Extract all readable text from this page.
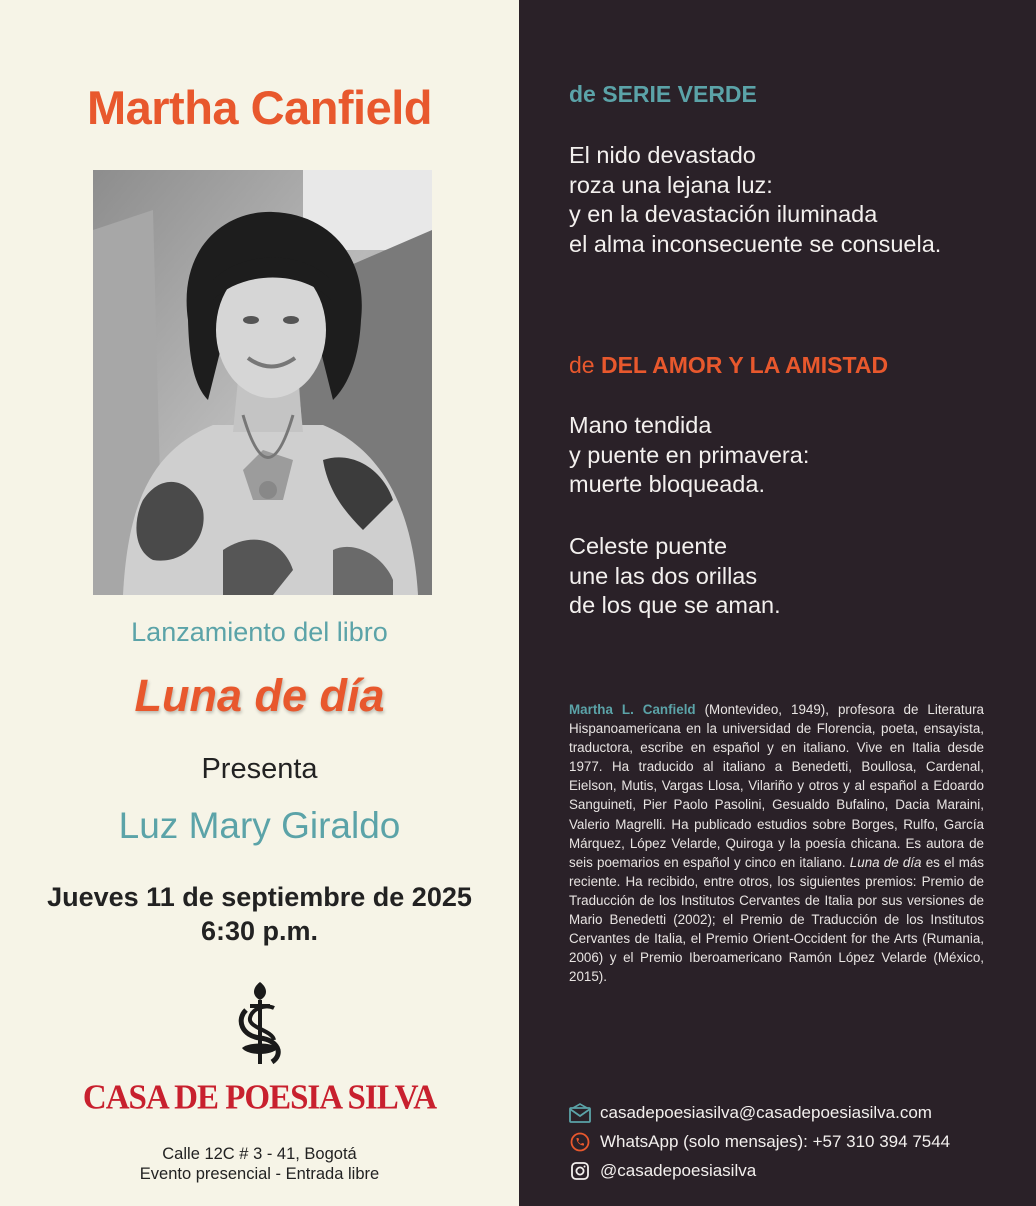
Martha Canfield
Lanzamiento del libro
Luna de día
Presenta
Luz Mary Giraldo
Jueves 11 de septiembre de 2025
6:30 p.m.
CASA DE POESIA SILVA
Calle 12C # 3 - 41, Bogotá
Evento presencial - Entrada libre
de SERIE VERDE
El nido devastado
roza una lejana luz:
y en la devastación iluminada
el alma inconsecuente se consuela.
de DEL AMOR Y LA AMISTAD
Mano tendida
y puente en primavera:
muerte bloqueada.
Celeste puente
une las dos orillas
de los que se aman.
Martha L. Canfield (Montevideo, 1949), profesora de Literatura Hispanoamericana en la universidad de Florencia, poeta, ensayista, traductora, escribe en español y en italiano. Vive en Italia desde 1977. Ha traducido al italiano a Benedetti, Boullosa, Cardenal, Eielson, Mutis, Vargas Llosa, Vilariño y otros y al español a Edoardo Sanguineti, Pier Paolo Pasolini, Gesualdo Bufalino, Dacia Maraini, Valerio Magrelli. Ha publicado estudios sobre Borges, Rulfo, García Márquez, López Velarde, Quiroga y la poesía chicana. Es autora de seis poemarios en español y cinco en italiano. Luna de día es el más reciente. Ha recibido, entre otros, los siguientes premios: Premio de Traducción de los Institutos Cervantes de Italia por sus versiones de Mario Benedetti (2002); el Premio de Traducción de los Institutos Cervantes de Italia, el Premio Orient-Occident for the Arts (Rumania, 2006) y el Premio Iberoamericano Ramón López Velarde (México, 2015).
casadepoesiasilva@casadepoesiasilva.com
WhatsApp (solo mensajes): +57 310 394 7544
@casadepoesiasilva
